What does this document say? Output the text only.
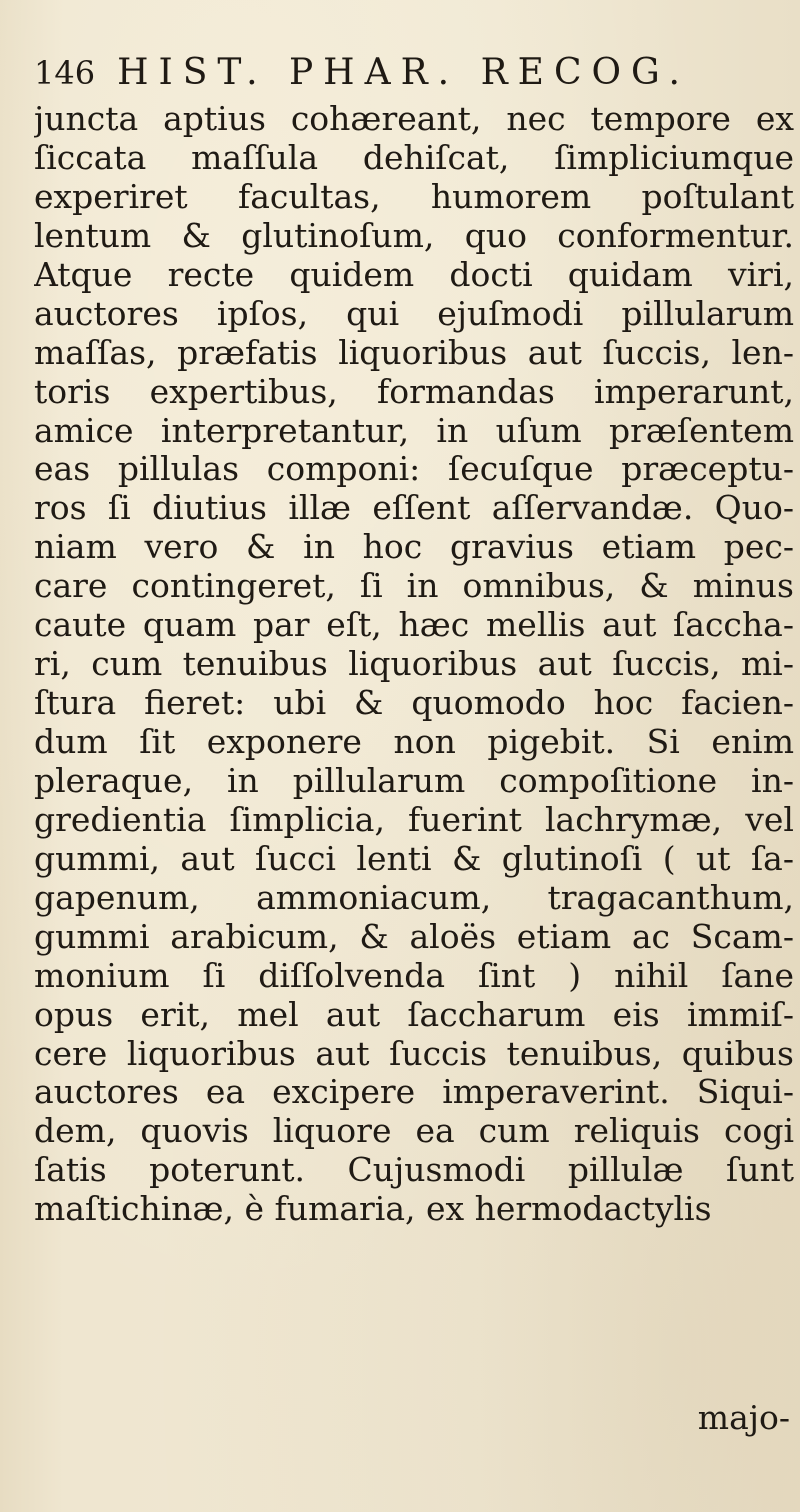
146 HIST. PHAR. RECOG.
juncta aptius cohæreant, nec tempore ex
ſiccata maſſula dehiſcat, ſimpliciumque
experiret facultas, humorem poſtulant
lentum & glutinoſum, quo conformentur.
Atque recte quidem docti quidam viri,
auctores ipſos, qui ejuſmodi pillularum
maſſas, præfatis liquoribus aut ſuccis, len-
toris expertibus, formandas imperarunt,
amice interpretantur, in uſum præſentem
eas pillulas componi: ſecuſque præceptu-
ros ſi diutius illæ eſſent aſſervandæ. Quo-
niam vero & in hoc gravius etiam pec-
care contingeret, ſi in omnibus, & minus
caute quam par eſt, hæc mellis aut ſaccha-
ri, cum tenuibus liquoribus aut ſuccis, mi-
ſtura fieret: ubi & quomodo hoc facien-
dum ſit exponere non pigebit. Si enim
pleraque, in pillularum compoſitione in-
gredientia ſimplicia, fuerint lachrymæ, vel
gummi, aut ſucci lenti & glutinoſi ( ut ſa-
gapenum, ammoniacum, tragacanthum,
gummi arabicum, & aloës etiam ac Scam-
monium ſi diſſolvenda ſint ) nihil ſane
opus erit, mel aut ſaccharum eis immiſ-
cere liquoribus aut ſuccis tenuibus, quibus
auctores ea excipere imperaverint. Siqui-
dem, quovis liquore ea cum reliquis cogi
ſatis poterunt. Cujusmodi pillulæ ſunt
maſtichinæ, è fumaria, ex hermodactylis
majo-
